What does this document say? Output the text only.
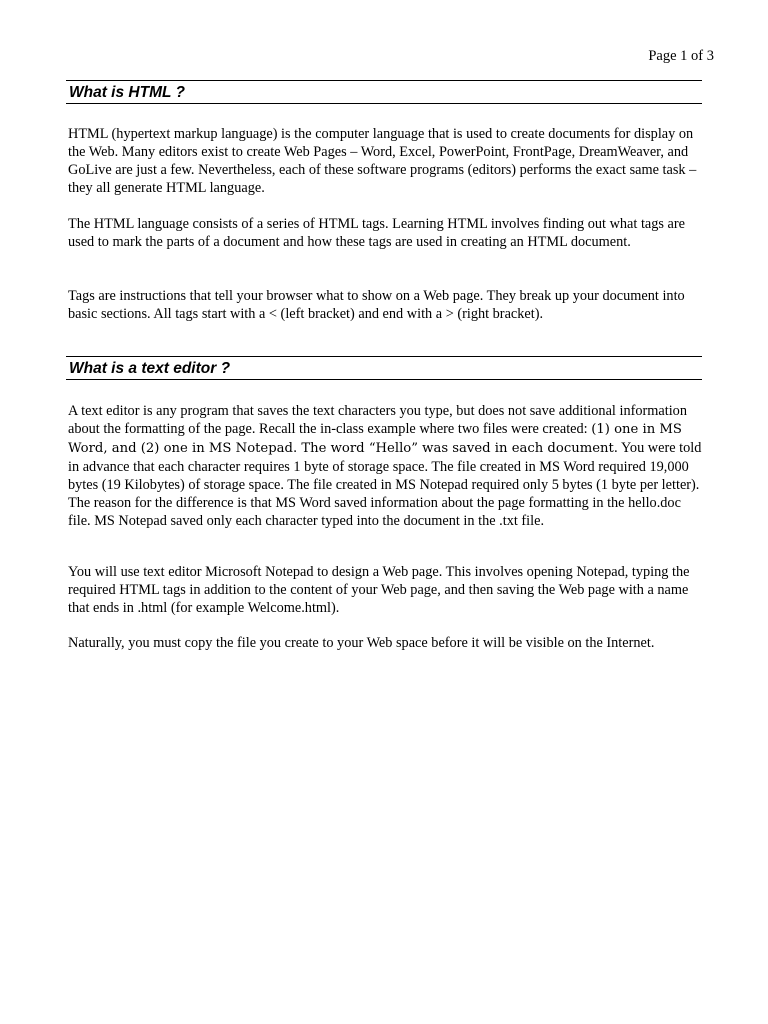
Page 1 of 3
What is HTML ?

HTML (hypertext markup language) is the computer language that is used to create documents for display on the Web. Many editors exist to create Web Pages – Word, Excel, PowerPoint, FrontPage, DreamWeaver, and GoLive are just a few. Nevertheless, each of these software programs (editors) performs the exact same task – they all generate HTML language.

The HTML language consists of a series of HTML tags. Learning HTML involves finding out what tags are used to mark the parts of a document and how these tags are used in creating an HTML document.

Tags are instructions that tell your browser what to show on a Web page. They break up your document into basic sections. All tags start with a < (left bracket) and end with a > (right bracket).

What is a text editor ?

A text editor is any program that saves the text characters you type, but does not save additional information about the formatting of the page. Recall the in-class example where two files were created: (1) one in MS Word, and (2) one in MS Notepad. The word “Hello” was saved in each document. You were told in advance that each character requires 1 byte of storage space. The file created in MS Word required 19,000 bytes (19 Kilobytes) of storage space. The file created in MS Notepad required only 5 bytes (1 byte per letter). The reason for the difference is that MS Word saved information about the page formatting in the hello.doc file. MS Notepad saved only each character typed into the document in the .txt file.

You will use text editor Microsoft Notepad to design a Web page. This involves opening Notepad, typing the required HTML tags in addition to the content of your Web page, and then saving the Web page with a name that ends in .html (for example Welcome.html).

Naturally, you must copy the file you create to your Web space before it will be visible on the Internet.
